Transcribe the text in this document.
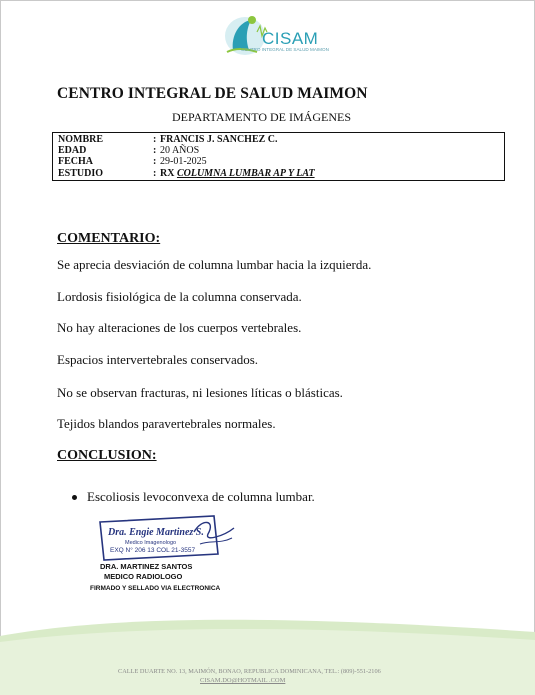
CISAM
CENTRO INTEGRAL DE SALUD MAIMON
CENTRO INTEGRAL DE SALUD MAIMON
DEPARTAMENTO DE IMÁGENES
NOMBRE	: FRANCIS J. SANCHEZ C.
EDAD	: 20 AÑOS
FECHA	: 29-01-2025
ESTUDIO	: RX COLUMNA LUMBAR AP Y LAT
COMENTARIO:
Se aprecia desviación de columna lumbar hacia la izquierda.
Lordosis fisiológica de la columna conservada.
No hay alteraciones de los cuerpos vertebrales.
Espacios intervertebrales conservados.
No se observan fracturas, ni lesiones líticas o blásticas.
Tejidos blandos paravertebrales normales.
CONCLUSION:
Escoliosis levoconvexa de columna lumbar.
Dra. Engie Martinez S.
Medico Imagenologo
EXQ N° 206 13 COL 21-3557
DRA. MARTINEZ SANTOS
MEDICO RADIOLOGO
FIRMADO Y SELLADO VIA ELECTRONICA
CALLE DUARTE NO. 13, MAIMÓN, BONAO, REPUBLICA DOMINICANA, TEL.: (809)-551-2106
CISAM.DO@HOTMAIL .COM
